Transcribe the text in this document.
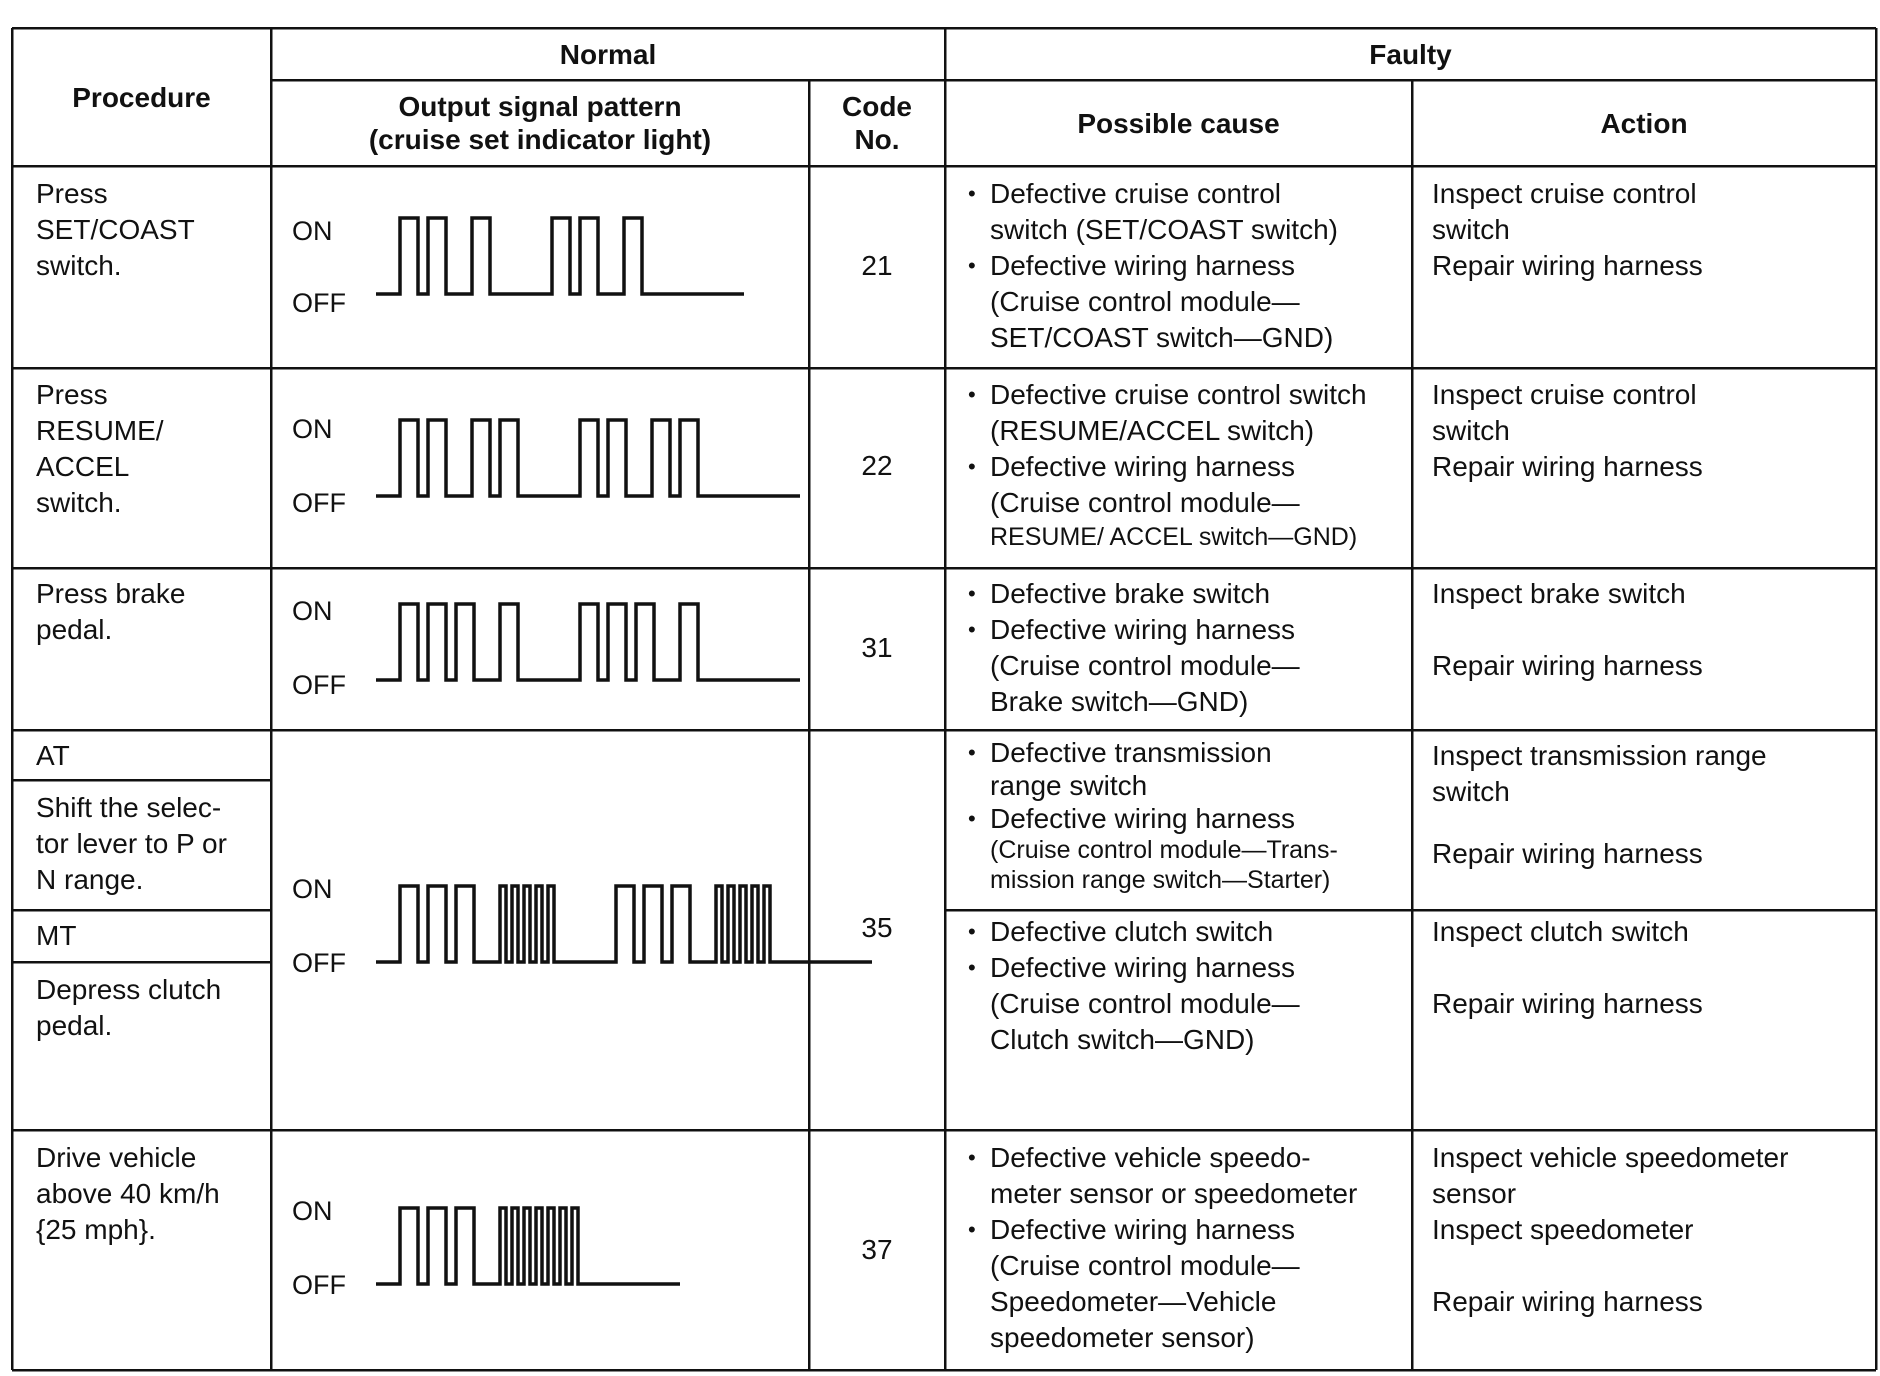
Procedure
Normal	Faulty
Output signal pattern
(cruise set indicator light)
Code
No.
Possible cause	Action
Press
SET/COAST
switch.
ON
OFF
21
• Defective cruise control
switch (SET/COAST switch)
• Defective wiring harness
(Cruise control module—
SET/COAST switch—GND)
Inspect cruise control
switch
Repair wiring harness
Press
RESUME/
ACCEL
switch.
ON
OFF
22
• Defective cruise control switch
(RESUME/ACCEL switch)
• Defective wiring harness
(Cruise control module—
RESUME/ ACCEL switch—GND)
Inspect cruise control
switch
Repair wiring harness
Press brake
pedal.
ON
OFF
31
• Defective brake switch
• Defective wiring harness
(Cruise control module—
Brake switch—GND)
Inspect brake switch
Repair wiring harness
AT
Shift the selec-
tor lever to P or
N range.
MT
Depress clutch
pedal.
ON
OFF
35
• Defective transmission
range switch
• Defective wiring harness
(Cruise control module—Trans-
mission range switch—Starter)
Inspect transmission range
switch
Repair wiring harness
• Defective clutch switch
• Defective wiring harness
(Cruise control module—
Clutch switch—GND)
Inspect clutch switch
Repair wiring harness
Drive vehicle
above 40 km/h
{25 mph}.
ON
OFF
37
• Defective vehicle speedo-
meter sensor or speedometer
• Defective wiring harness
(Cruise control module—
Speedometer—Vehicle
speedometer sensor)
Inspect vehicle speedometer
sensor
Inspect speedometer
Repair wiring harness
